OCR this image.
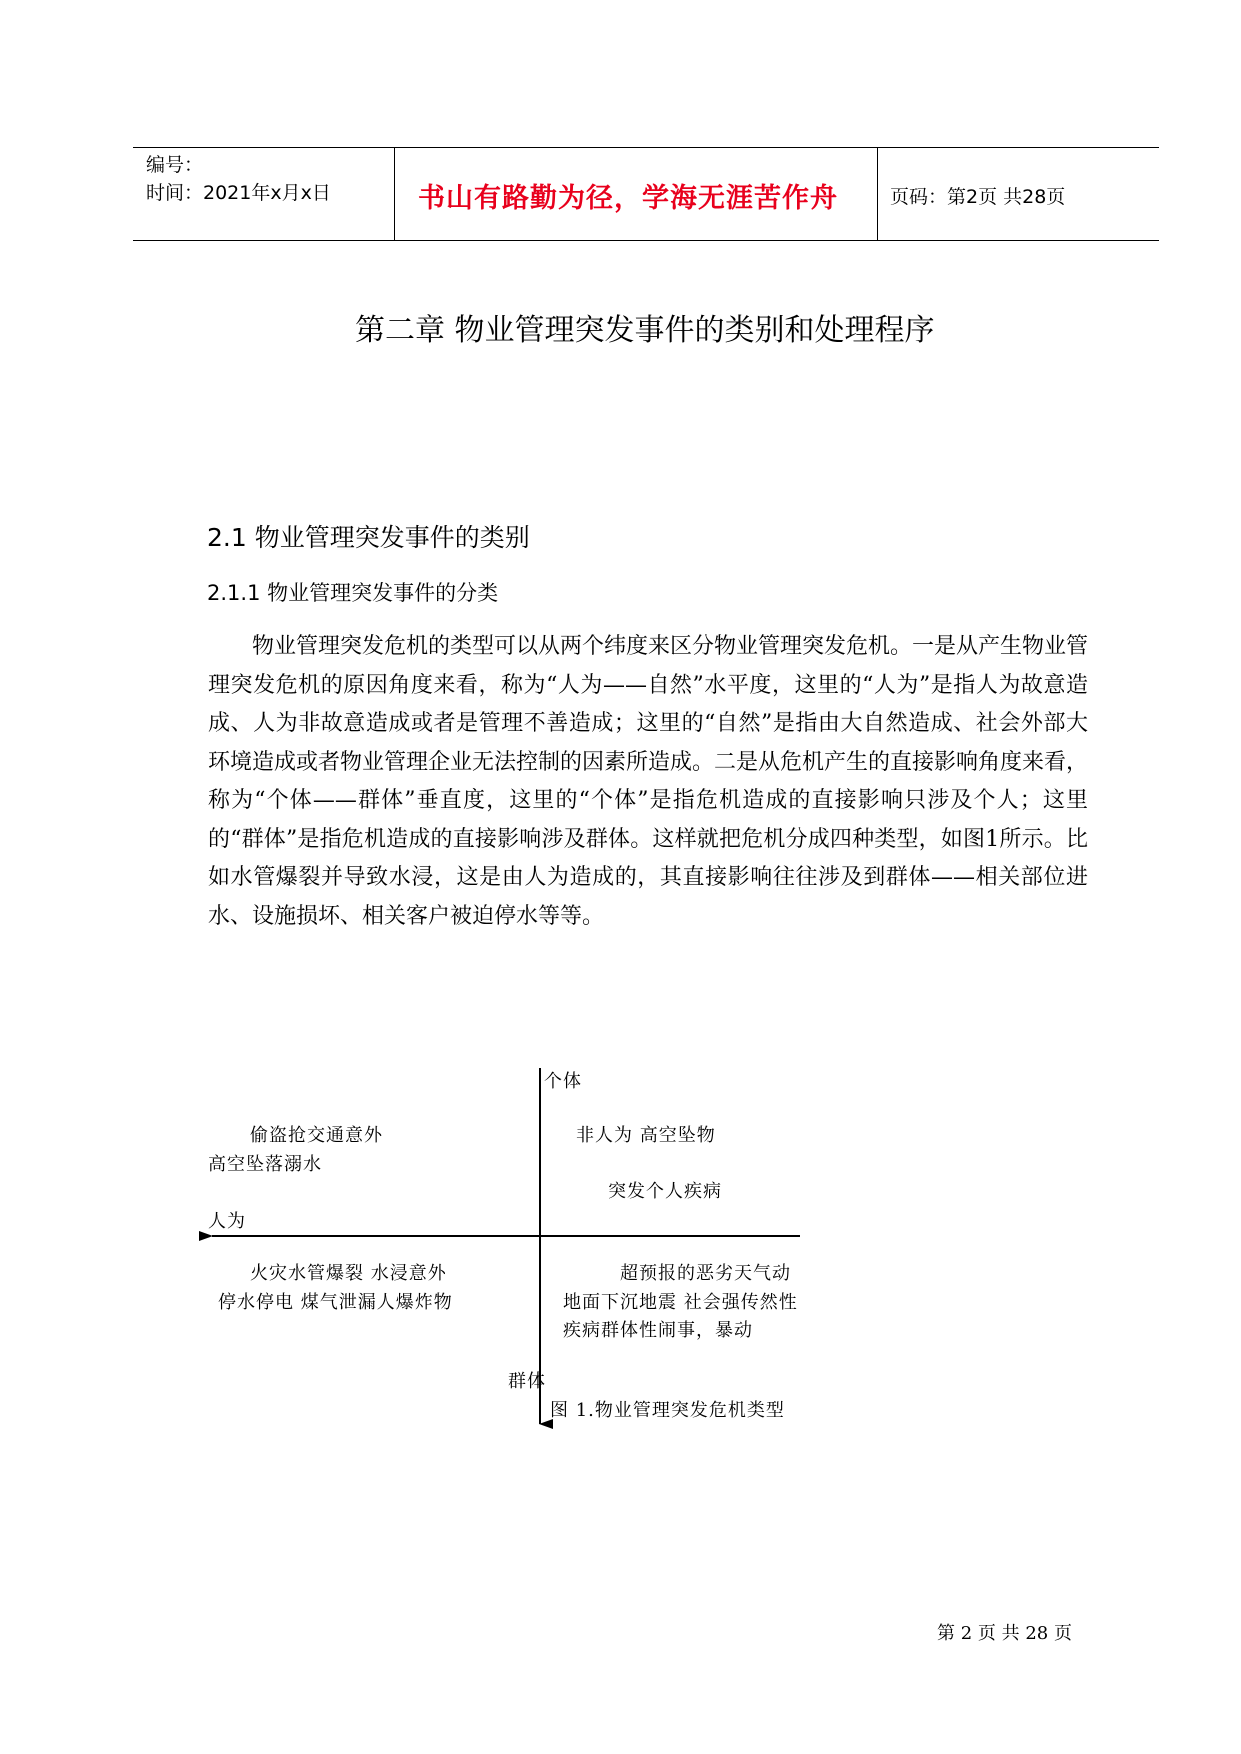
编号：
时间：2021年x月x日	书山有路勤为径，学海无涯苦作舟	页码：第2页 共28页
第二章 物业管理突发事件的类别和处理程序
2.1 物业管理突发事件的类别
2.1.1 物业管理突发事件的分类
物业管理突发危机的类型可以从两个纬度来区分物业管理突发危机。一是从产生物业管理突发危机的原因角度来看，称为“人为——自然”水平度，这里的“人为”是指人为故意造成、人为非故意造成或者是管理不善造成；这里的“自然”是指由大自然造成、社会外部大环境造成或者物业管理企业无法控制的因素所造成。二是从危机产生的直接影响角度来看，称为“个体——群体”垂直度，这里的“个体”是指危机造成的直接影响只涉及个人；这里的“群体”是指危机造成的直接影响涉及群体。这样就把危机分成四种类型，如图1所示。比如水管爆裂并导致水浸，这是由人为造成的，其直接影响往往涉及到群体——相关部位进水、设施损坏、相关客户被迫停水等等。
个体
人为
群体
偷盗抢交通意外
高空坠落溺水
非人为 高空坠物
突发个人疾病
火灾水管爆裂 水浸意外
停水停电 煤气泄漏人爆炸物
超预报的恶劣天气动
地面下沉地震 社会强传然性
疾病群体性闹事，暴动
图 1.物业管理突发危机类型
第 2 页 共 28 页
